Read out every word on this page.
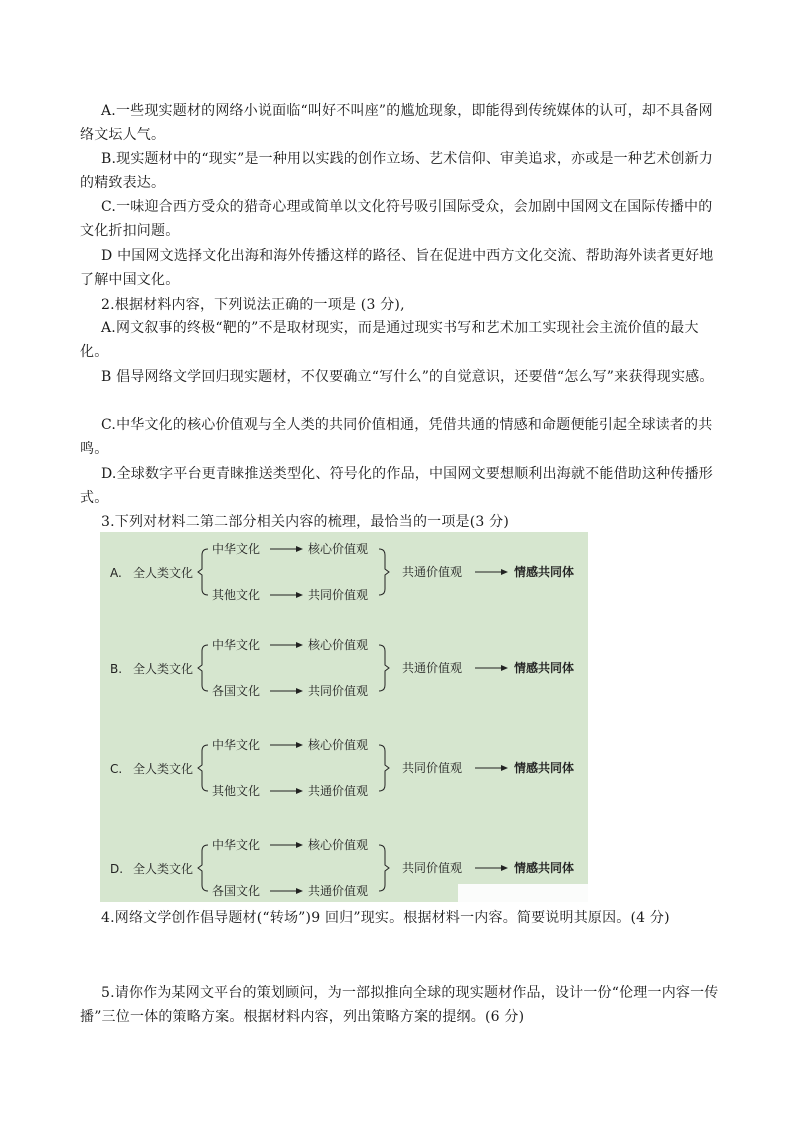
A.一些现实题材的网络小说面临“叫好不叫座”的尴尬现象，即能得到传统媒体的认可，却不具备网络文坛人气。
B.现实题材中的“现实”是一种用以实践的创作立场、艺术信仰、审美追求，亦或是一种艺术创新力的精致表达。
C.一味迎合西方受众的猎奇心理或简单以文化符号吸引国际受众，会加剧中国网文在国际传播中的文化折扣问题。
D 中国网文选择文化出海和海外传播这样的路径、旨在促进中西方文化交流、帮助海外读者更好地了解中国文化。
2.根据材料内容，下列说法正确的一项是 (3 分),
A.网文叙事的终极“靶的”不是取材现实，而是通过现实书写和艺术加工实现社会主流价值的最大化。
B 倡导网络文学回归现实题材，不仅要确立“写什么”的自觉意识，还要借“怎么写”来获得现实感。
C.中华文化的核心价值观与全人类的共同价值相通，凭借共通的情感和命题便能引起全球读者的共鸣。
D.全球数字平台更青睐推送类型化、符号化的作品，中国网文要想顺利出海就不能借助这种传播形式。
3.下列对材料二第二部分相关内容的梳理，最恰当的一项是(3 分)
A. 全人类文化
中华文化	核心价值观
其他文化	共同价值观
共通价值观	情感共同体
B. 全人类文化
中华文化	核心价值观
各国文化	共同价值观
共通价值观	情感共同体
C. 全人类文化
中华文化	核心价值观
其他文化	共通价值观
共同价值观	情感共同体
D. 全人类文化
中华文化	核心价值观
各国文化	共通价值观
共同价值观	情感共同体
4.网络文学创作倡导题材(“转场”)9 回归”现实。根据材料一内容。简要说明其原因。(4 分)
5.请你作为某网文平台的策划顾问，为一部拟推向全球的现实题材作品，设计一份“伦理一内容一传播”三位一体的策略方案。根据材料内容，列出策略方案的提纲。(6 分)
